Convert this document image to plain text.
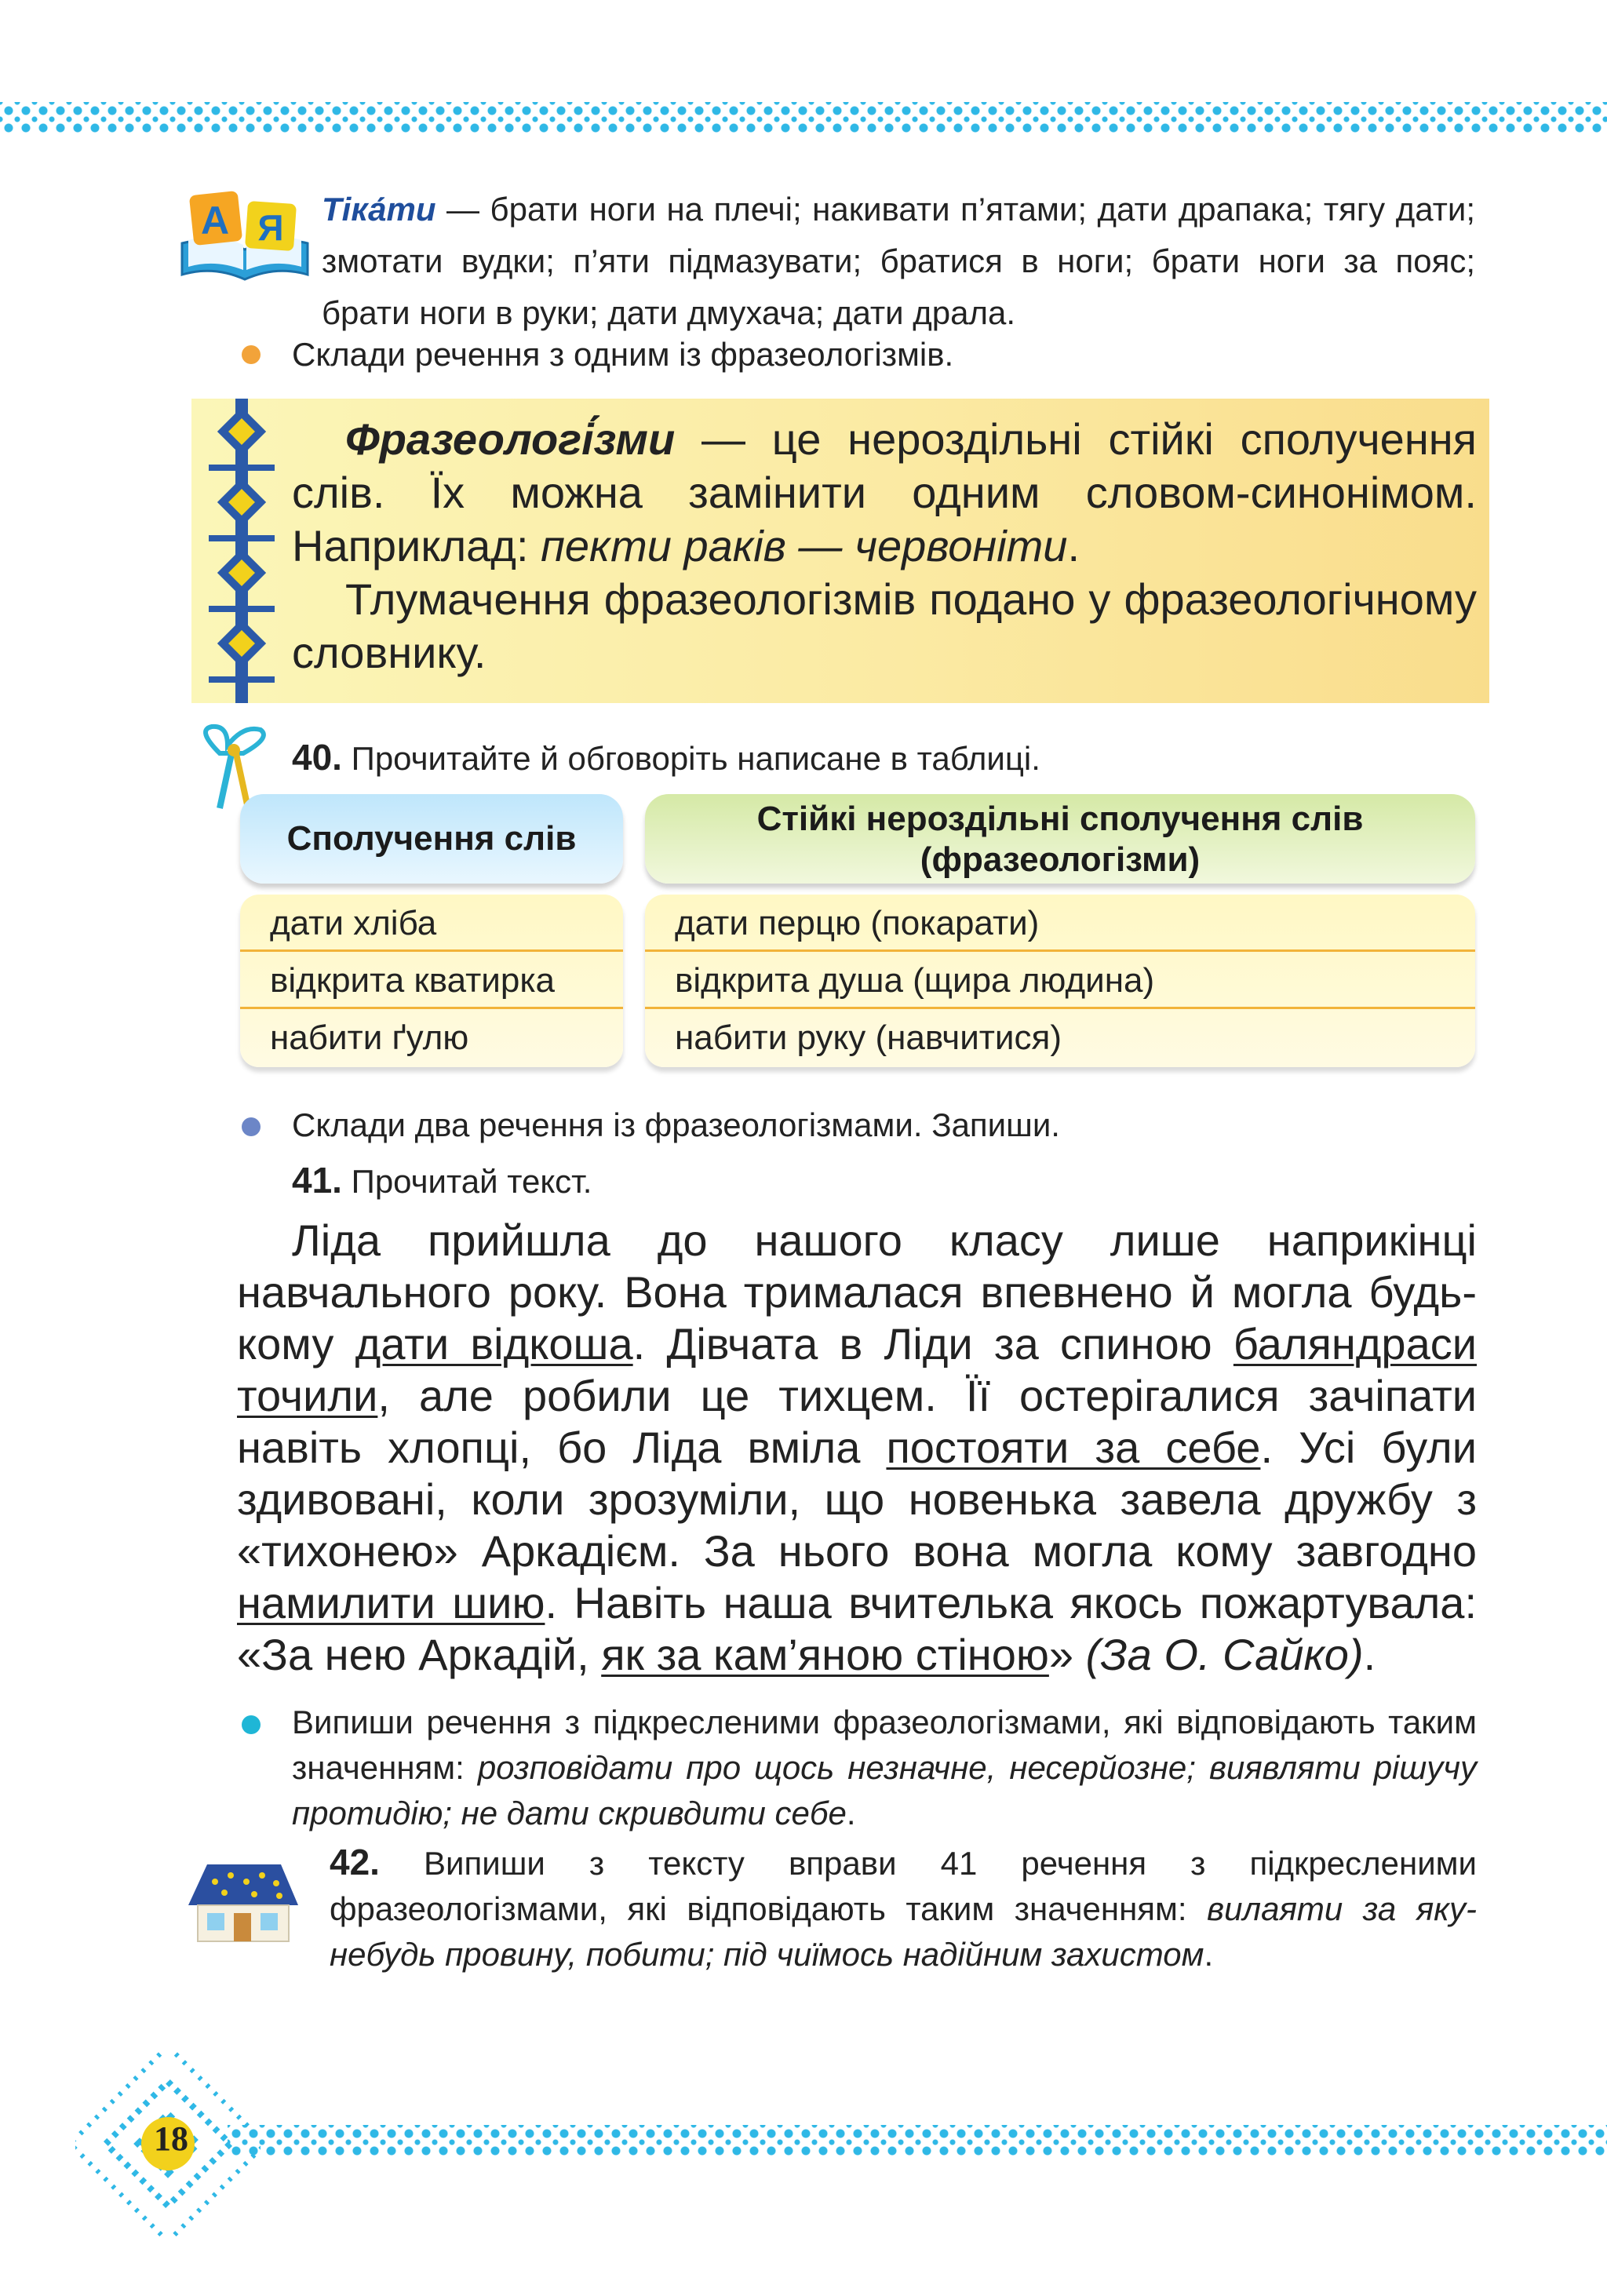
А Я Тіка́ти — брати ноги на плечі; накивати п’ятами; дати драпака; тягу дати; змотати вудки; п’яти підмазувати; братися в ноги; брати ноги за пояс; брати ноги в руки; дати дмухача; дати драла.
Склади речення з одним із фразеологізмів.
Фразеологі́зми — це нероздільні стійкі сполучення слів. Їх можна замінити одним словом-синонімом. Наприклад: пекти раків — червоніти.
Тлумачення фразеологізмів подано у фразеологічному словнику.
40. Прочитайте й обговоріть написане в таблиці.
Сполучення слів
Стійкі нероздільні сполучення слів
(фразеологізми)
дати хліба
відкрита кватирка
набити ґулю
дати перцю (покарати)
відкрита душа (щира людина)
набити руку (навчитися)
Склади два речення із фразеологізмами. Запиши.
41. Прочитай текст.
Ліда прийшла до нашого класу лише наприкінці навчального року. Вона трималася впевнено й могла будь-кому дати відкоша. Дівчата в Ліди за спиною баляндраси точили, але робили це тихцем. Її остерігалися зачіпати навіть хлопці, бо Ліда вміла постояти за себе. Усі були здивовані, коли зрозуміли, що новенька завела дружбу з «тихонею» Аркадієм. За нього вона могла кому завгодно намилити шию. Навіть наша вчителька якось пожартувала: «За нею Аркадій, як за кам’яною стіною» (За О. Сайко).
Випиши речення з підкресленими фразеологізмами, які відповідають таким значенням: розповідати про щось незначне, несерйозне; виявляти рішучу протидію; не дати скривдити себе.
42. Випиши з тексту вправи 41 речення з підкресленими фразеологізмами, які відповідають таким значенням: вилаяти за яку-небудь провину, побити; під чиїмось надійним захистом.
18
